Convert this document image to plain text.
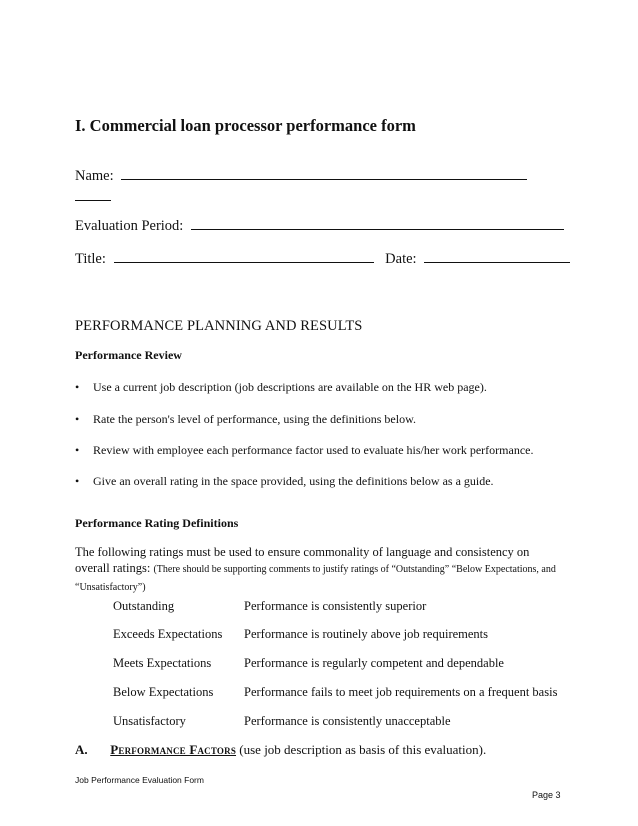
I. Commercial loan processor performance form
Name:
Evaluation Period:
Title:	Date:
PERFORMANCE PLANNING AND RESULTS
Performance Review
•	Use a current job description (job descriptions are available on the HR web page).
•	Rate the person's level of performance, using the definitions below.
•	Review with employee each performance factor used to evaluate his/her work performance.
•	Give an overall rating in the space provided, using the definitions below as a guide.
Performance Rating Definitions
The following ratings must be used to ensure commonality of language and consistency on overall ratings: (There should be supporting comments to justify ratings of “Outstanding” “Below Expectations, and “Unsatisfactory”)
Outstanding	Performance is consistently superior
Exceeds Expectations	Performance is routinely above job requirements
Meets Expectations	Performance is regularly competent and dependable
Below Expectations	Performance fails to meet job requirements on a frequent basis
Unsatisfactory	Performance is consistently unacceptable
A. Performance Factors (use job description as basis of this evaluation).
Job Performance Evaluation Form
Page 3
